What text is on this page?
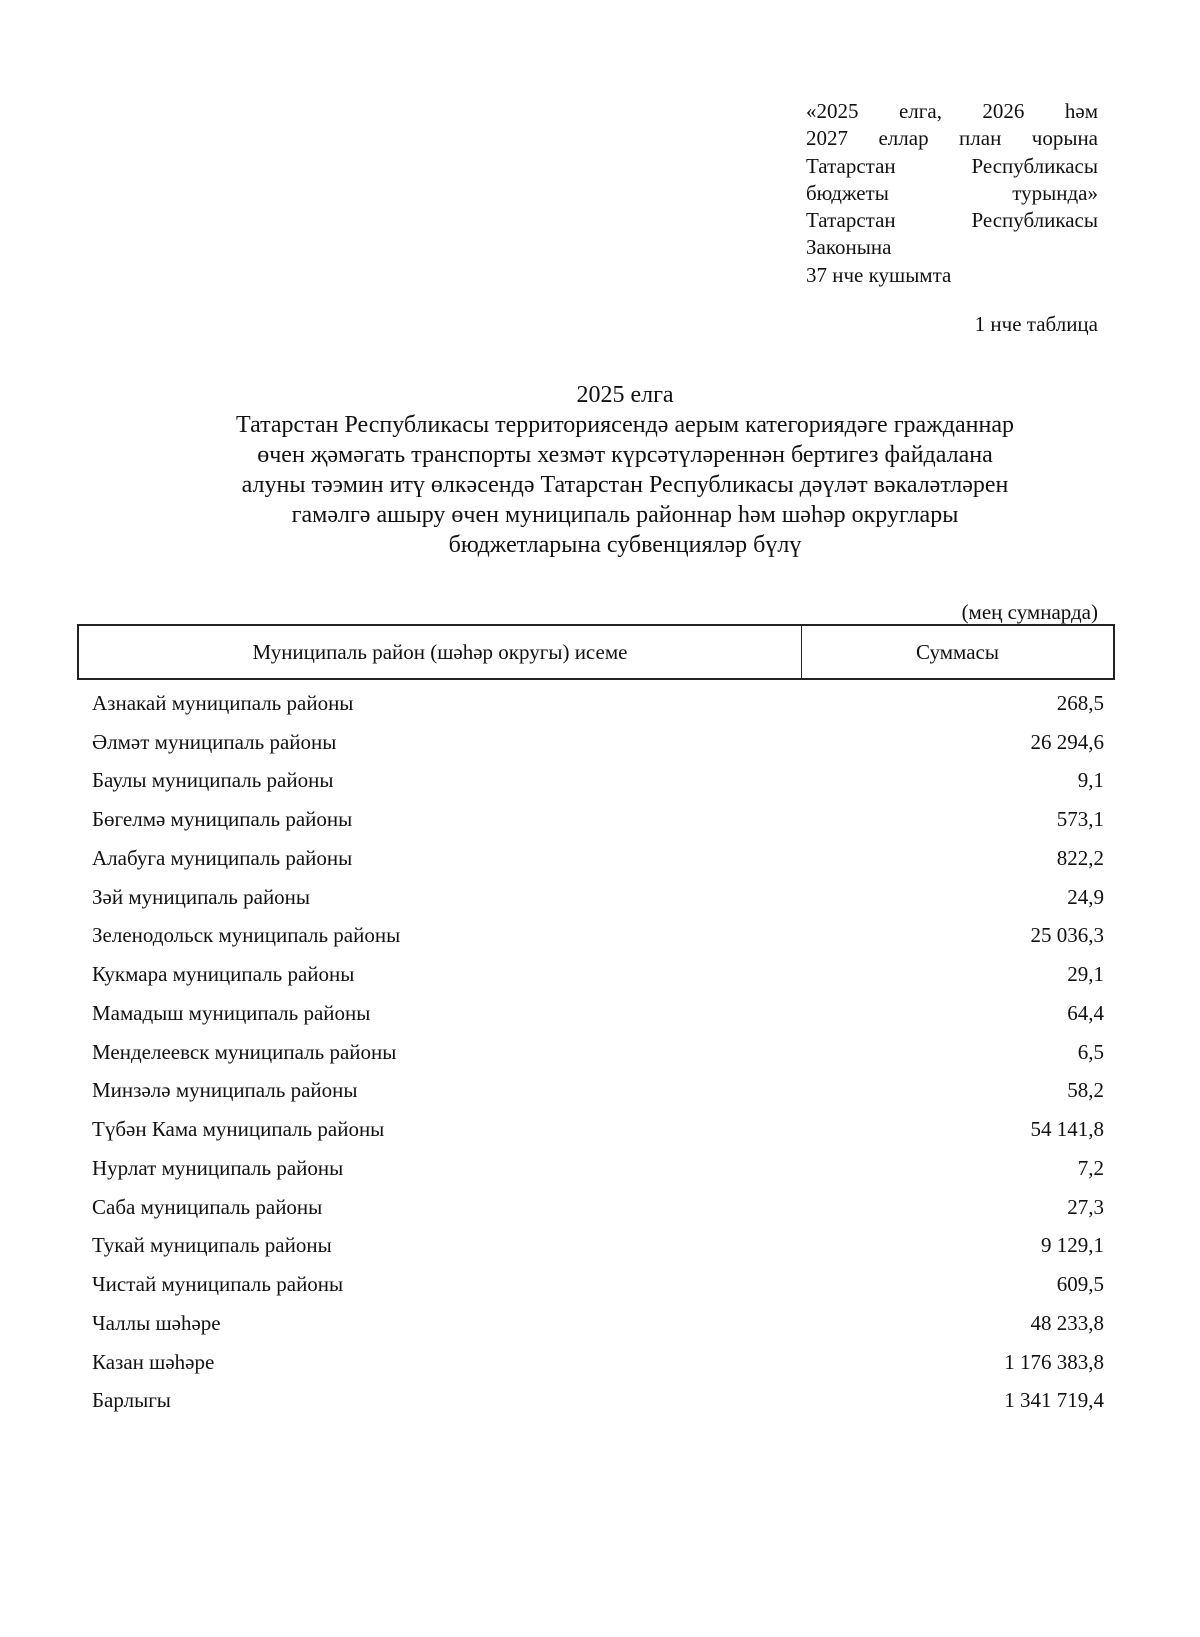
«2025 елга, 2026 һәм
2027 еллар план чорына
Татарстан Республикасы
бюджеты турында»
Татарстан Республикасы
Законына
37 нче кушымта
1 нче таблица
2025 елга
Татарстан Республикасы территориясендә аерым категориядәге гражданнар
өчен җәмәгать транспорты хезмәт күрсәтүләреннән бертигез файдалана
алуны тәэмин итү өлкәсендә Татарстан Республикасы дәүләт вәкаләтләрен
гамәлгә ашыру өчен муниципаль районнар һәм шәһәр округлары
бюджетларына субвенцияләр бүлү
(мең сумнарда)
Муниципаль район (шәһәр округы) исеме	Суммасы
Азнакай муниципаль районы	268,5
Әлмәт муниципаль районы	26 294,6
Баулы муниципаль районы	9,1
Бөгелмә муниципаль районы	573,1
Алабуга муниципаль районы	822,2
Зәй муниципаль районы	24,9
Зеленодольск муниципаль районы	25 036,3
Кукмара муниципаль районы	29,1
Мамадыш муниципаль районы	64,4
Менделеевск муниципаль районы	6,5
Минзәлә муниципаль районы	58,2
Түбән Кама муниципаль районы	54 141,8
Нурлат муниципаль районы	7,2
Саба муниципаль районы	27,3
Тукай муниципаль районы	9 129,1
Чистай муниципаль районы	609,5
Чаллы шәһәре	48 233,8
Казан шәһәре	1 176 383,8
Барлыгы	1 341 719,4
